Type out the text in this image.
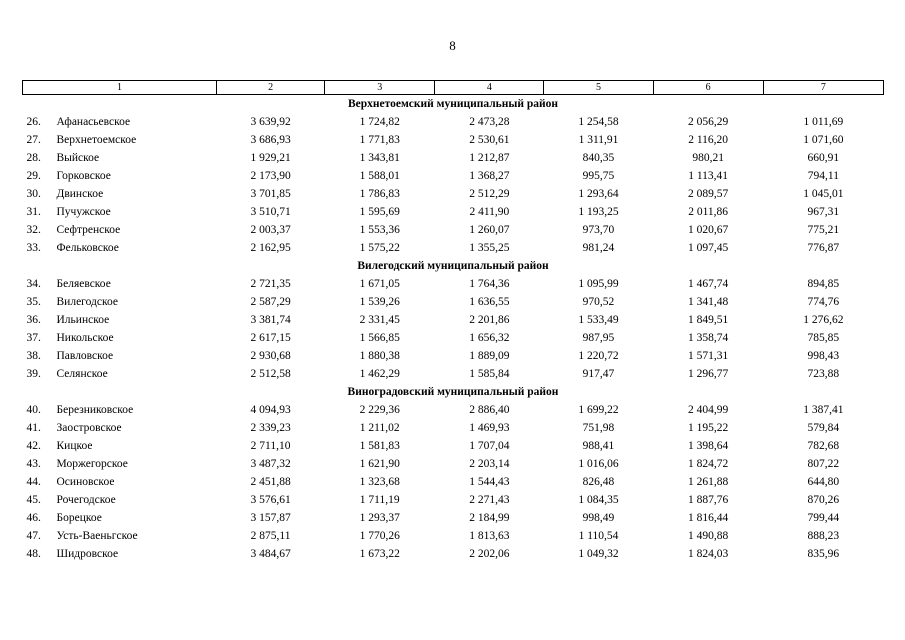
8
1	2	3	4	5	6	7
Верхнетоемский муниципальный район						
26. Афанасьевское	3 639,92	1 724,82	2 473,28	1 254,58	2 056,29	1 011,69
27. Верхнетоемское	3 686,93	1 771,83	2 530,61	1 311,91	2 116,20	1 071,60
28. Выйское	1 929,21	1 343,81	1 212,87	840,35	980,21	660,91
29. Горковское	2 173,90	1 588,01	1 368,27	995,75	1 113,41	794,11
30. Двинское	3 701,85	1 786,83	2 512,29	1 293,64	2 089,57	1 045,01
31. Пучужское	3 510,71	1 595,69	2 411,90	1 193,25	2 011,86	967,31
32. Сефтренское	2 003,37	1 553,36	1 260,07	973,70	1 020,67	775,21
33. Фельковское	2 162,95	1 575,22	1 355,25	981,24	1 097,45	776,87
Вилегодский муниципальный район						
34. Беляевское	2 721,35	1 671,05	1 764,36	1 095,99	1 467,74	894,85
35. Вилегодское	2 587,29	1 539,26	1 636,55	970,52	1 341,48	774,76
36. Ильинское	3 381,74	2 331,45	2 201,86	1 533,49	1 849,51	1 276,62
37. Никольское	2 617,15	1 566,85	1 656,32	987,95	1 358,74	785,85
38. Павловское	2 930,68	1 880,38	1 889,09	1 220,72	1 571,31	998,43
39. Селянское	2 512,58	1 462,29	1 585,84	917,47	1 296,77	723,88
Виноградовский муниципальный район						
40. Березниковское	4 094,93	2 229,36	2 886,40	1 699,22	2 404,99	1 387,41
41. Заостровское	2 339,23	1 211,02	1 469,93	751,98	1 195,22	579,84
42. Кицкое	2 711,10	1 581,83	1 707,04	988,41	1 398,64	782,68
43. Моржегорское	3 487,32	1 621,90	2 203,14	1 016,06	1 824,72	807,22
44. Осиновское	2 451,88	1 323,68	1 544,43	826,48	1 261,88	644,80
45. Рочегодское	3 576,61	1 711,19	2 271,43	1 084,35	1 887,76	870,26
46. Борецкое	3 157,87	1 293,37	2 184,99	998,49	1 816,44	799,44
47. Усть-Ваеньгское	2 875,11	1 770,26	1 813,63	1 110,54	1 490,88	888,23
48. Шидровское	3 484,67	1 673,22	2 202,06	1 049,32	1 824,03	835,96
